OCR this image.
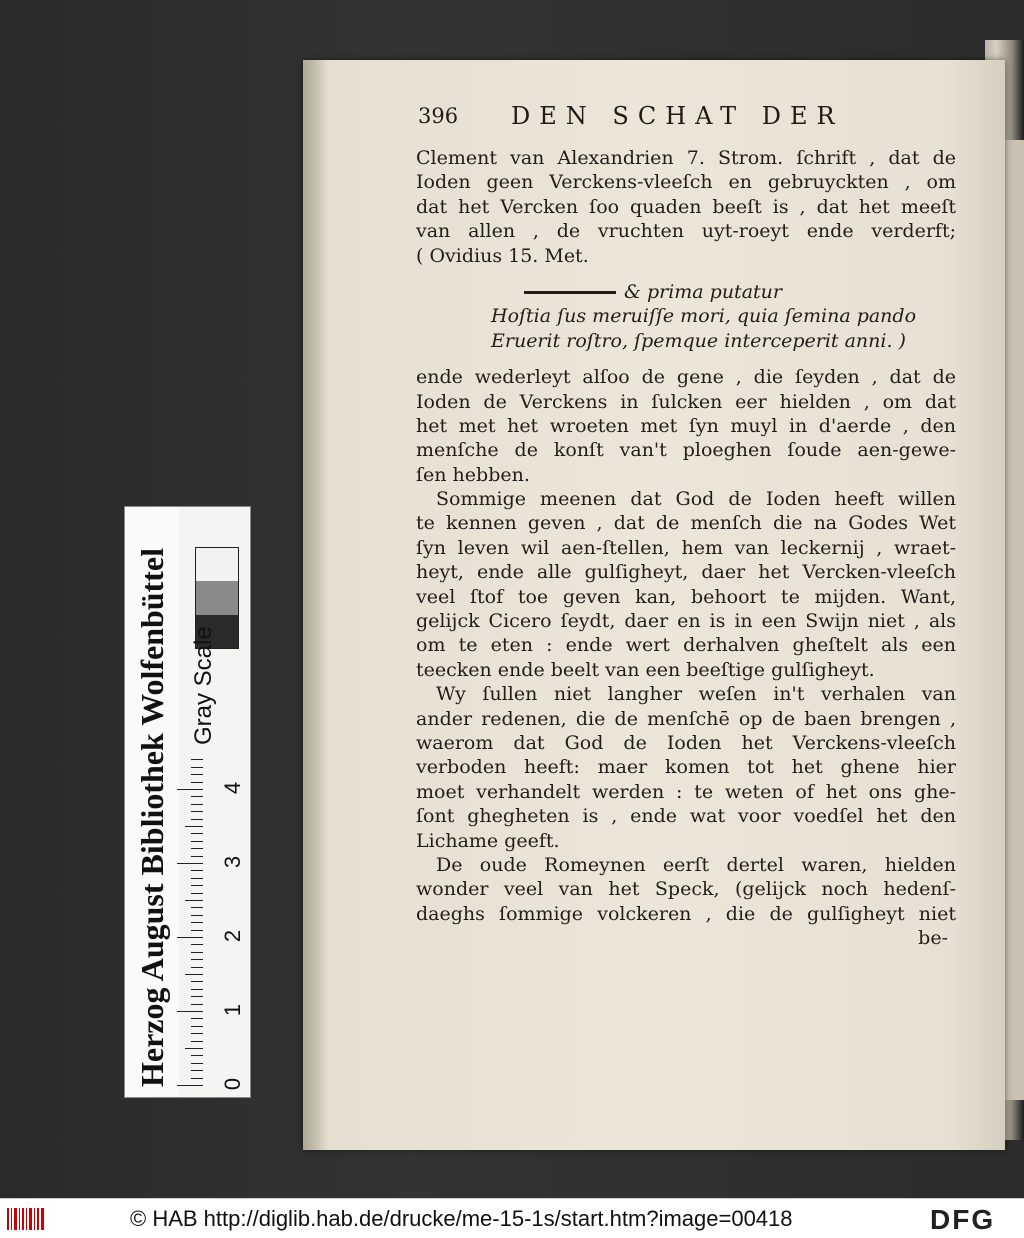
396 DEN SCHAT DER
Clement van Alexandrien 7. Strom. ſchrift , dat de
Ioden geen Verckens-vleeſch en gebruyckten , om
dat het Vercken ſoo quaden beeſt is , dat het meeſt
van allen , de vruchten uyt-roeyt ende verderft;
( Ovidius 15. Met.
& prima putatur
Hoſtia ſus meruiſſe mori, quia ſemina pando
Eruerit roſtro, ſpemque interceperit anni. )
ende wederleyt alſoo de gene , die ſeyden , dat de
Ioden de Verckens in ſulcken eer hielden , om dat
het met het wroeten met ſyn muyl in d'aerde , den
menſche de konſt van't ploeghen ſoude aen-gewe-
ſen hebben.
Sommige meenen dat God de Ioden heeft willen
te kennen geven , dat de menſch die na Godes Wet
ſyn leven wil aen-ſtellen, hem van leckernij , wraet-
heyt, ende alle gulſigheyt, daer het Vercken-vleeſch
veel ſtof toe geven kan, behoort te mijden. Want,
gelijck Cicero ſeydt, daer en is in een Swijn niet , als
om te eten : ende wert derhalven gheſtelt als een
teecken ende beelt van een beeſtige gulſigheyt.
Wy ſullen niet langher weſen in't verhalen van
ander redenen, die de menſchē op de baen brengen ,
waerom dat God de Ioden het Verckens-vleeſch
verboden heeft: maer komen tot het ghene hier
moet verhandelt werden : te weten of het ons ghe-
ſont ghegheten is , ende wat voor voedſel het den
Lichame geeft.
De oude Romeynen eerſt dertel waren, hielden
wonder veel van het Speck, (gelijck noch hedenſ-
daeghs ſommige volckeren , die de gulſigheyt niet
be-
Herzog August Bibliothek Wolfenbüttel Gray Scale
0
1
2
3
4
© HAB http://diglib.hab.de/drucke/me-15-1s/start.htm?image=00418	DFG
